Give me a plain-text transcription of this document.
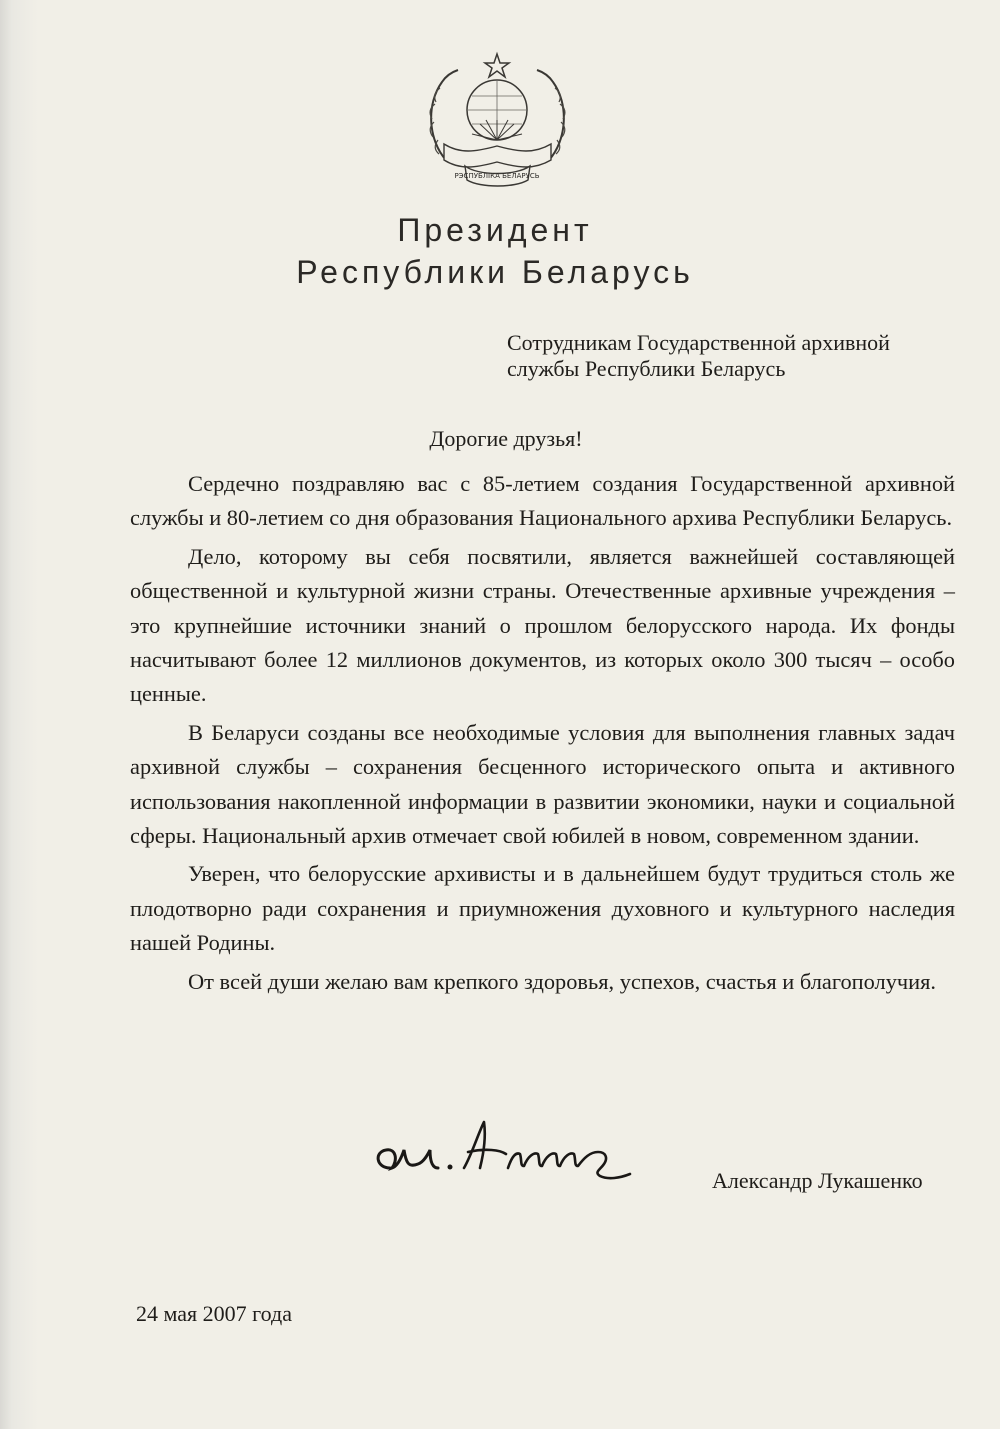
РЭСПУБЛІКА БЕЛАРУСЬ
Президент
Республики Беларусь
Сотрудникам Государственной архивной
службы Республики Беларусь
Дорогие друзья!

Сердечно поздравляю вас с 85-летием создания Государственной архивной службы и 80-летием со дня образования Национального архива Республики Беларусь.

Дело, которому вы себя посвятили, является важнейшей составляющей общественной и культурной жизни страны. Отечественные архивные учреждения – это крупнейшие источники знаний о прошлом белорусского народа. Их фонды насчитывают более 12 миллионов документов, из которых около 300 тысяч – особо ценные.

В Беларуси созданы все необходимые условия для выполнения главных задач архивной службы – сохранения бесценного исторического опыта и активного использования накопленной информации в развитии экономики, науки и социальной сферы. Национальный архив отмечает свой юбилей в новом, современном здании.

Уверен, что белорусские архивисты и в дальнейшем будут трудиться столь же плодотворно ради сохранения и приумножения духовного и культурного наследия нашей Родины.

От всей души желаю вам крепкого здоровья, успехов, счастья и благополучия.

Александр Лукашенко
24 мая 2007 года
